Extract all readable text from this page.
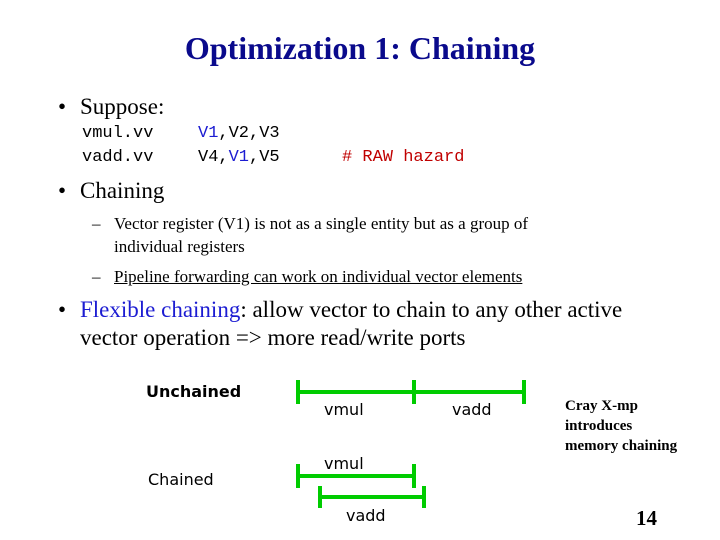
Optimization 1: Chaining
• Suppose:
vmul.vv	V1,V2,V3
vadd.vv	V4,V1,V5	# RAW hazard
• Chaining
– Vector register (V1) is not as a single entity but as a group of
individual registers
– Pipeline forwarding can work on individual vector elements
• Flexible chaining: allow vector to chain to any other active
vector operation => more read/write ports
Unchained
Chained
vmul	vadd
vmul
vadd
Cray X-mp
introduces
memory chaining
14
